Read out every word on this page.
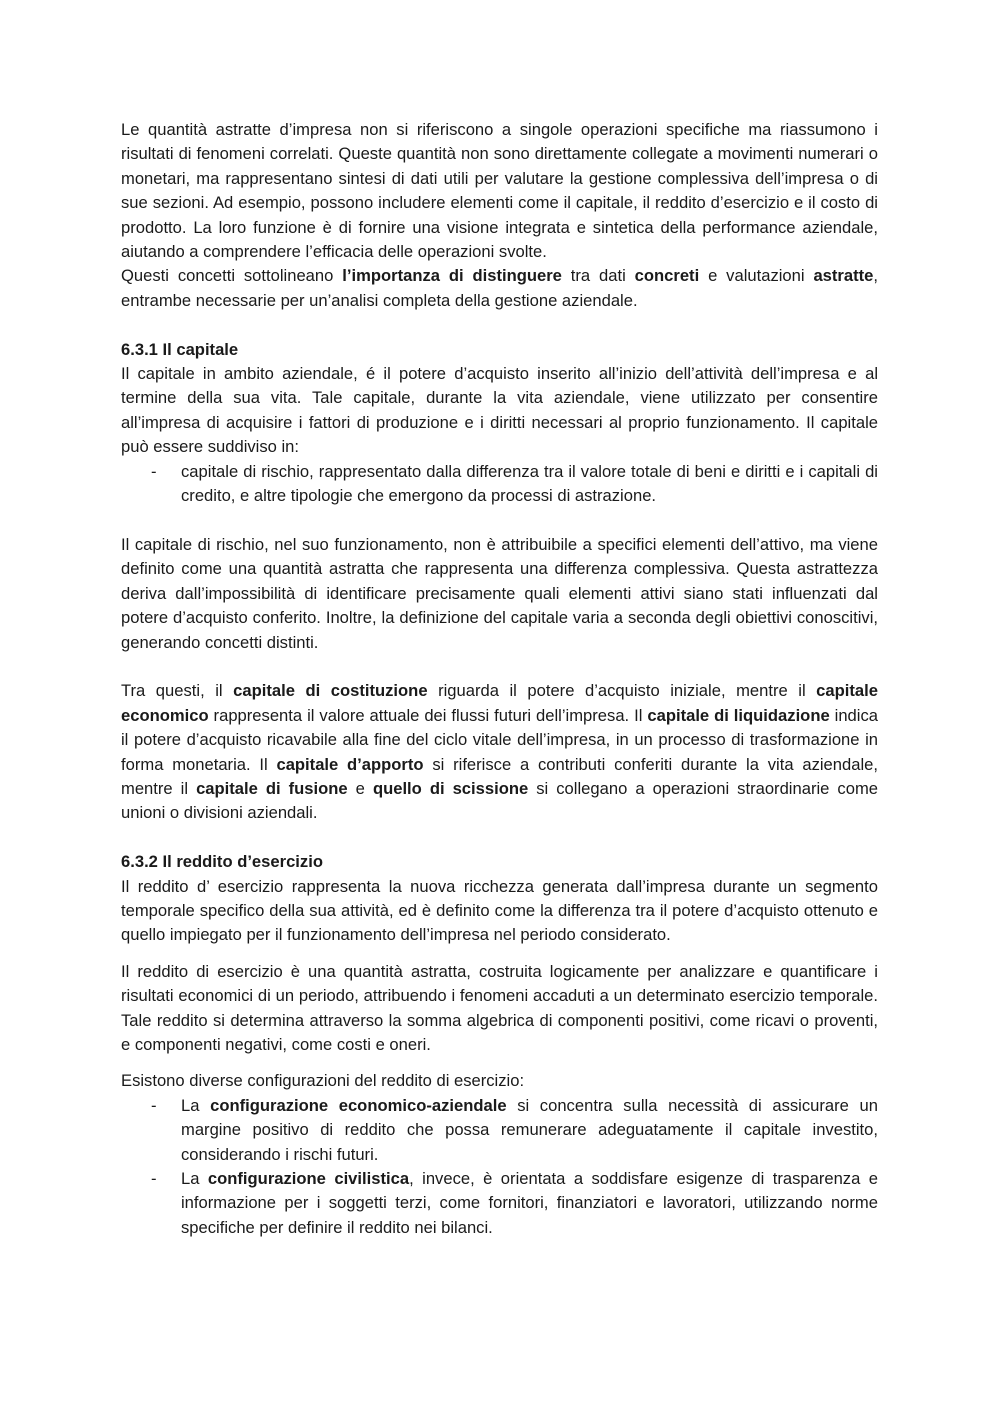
Le quantità astratte d’impresa non si riferiscono a singole operazioni specifiche ma riassumono i risultati di fenomeni correlati. Queste quantità non sono direttamente collegate a movimenti numerari o monetari, ma rappresentano sintesi di dati utili per valutare la gestione complessiva dell’impresa o di sue sezioni. Ad esempio, possono includere elementi come il capitale, il reddito d’esercizio e il costo di prodotto. La loro funzione è di fornire una visione integrata e sintetica della performance aziendale, aiutando a comprendere l’efficacia delle operazioni svolte.

Questi concetti sottolineano l’importanza di distinguere tra dati concreti e valutazioni astratte, entrambe necessarie per un’analisi completa della gestione aziendale.

6.3.1 Il capitale

Il capitale in ambito aziendale, é il potere d’acquisto inserito all’inizio dell’attività dell’impresa e al termine della sua vita. Tale capitale, durante la vita aziendale, viene utilizzato per consentire all’impresa di acquisire i fattori di produzione e i diritti necessari al proprio funzionamento. Il capitale può essere suddiviso in:

- capitale di rischio, rappresentato dalla differenza tra il valore totale di beni e diritti e i capitali di credito, e altre tipologie che emergono da processi di astrazione.

Il capitale di rischio, nel suo funzionamento, non è attribuibile a specifici elementi dell’attivo, ma viene definito come una quantità astratta che rappresenta una differenza complessiva. Questa astrattezza deriva dall’impossibilità di identificare precisamente quali elementi attivi siano stati influenzati dal potere d’acquisto conferito. Inoltre, la definizione del capitale varia a seconda degli obiettivi conoscitivi, generando concetti distinti.

Tra questi, il capitale di costituzione riguarda il potere d’acquisto iniziale, mentre il capitale economico rappresenta il valore attuale dei flussi futuri dell’impresa. Il capitale di liquidazione indica il potere d’acquisto ricavabile alla fine del ciclo vitale dell’impresa, in un processo di trasformazione in forma monetaria. Il capitale d’apporto si riferisce a contributi conferiti durante la vita aziendale, mentre il capitale di fusione e quello di scissione si collegano a operazioni straordinarie come unioni o divisioni aziendali.

6.3.2 Il reddito d’esercizio

Il reddito d’ esercizio rappresenta la nuova ricchezza generata dall’impresa durante un segmento temporale specifico della sua attività, ed è definito come la differenza tra il potere d’acquisto ottenuto e quello impiegato per il funzionamento dell’impresa nel periodo considerato.

Il reddito di esercizio è una quantità astratta, costruita logicamente per analizzare e quantificare i risultati economici di un periodo, attribuendo i fenomeni accaduti a un determinato esercizio temporale. Tale reddito si determina attraverso la somma algebrica di componenti positivi, come ricavi o proventi, e componenti negativi, come costi e oneri.

Esistono diverse configurazioni del reddito di esercizio:

- La configurazione economico-aziendale si concentra sulla necessità di assicurare un margine positivo di reddito che possa remunerare adeguatamente il capitale investito, considerando i rischi futuri.
- La configurazione civilistica, invece, è orientata a soddisfare esigenze di trasparenza e informazione per i soggetti terzi, come fornitori, finanziatori e lavoratori, utilizzando norme specifiche per definire il reddito nei bilanci.
